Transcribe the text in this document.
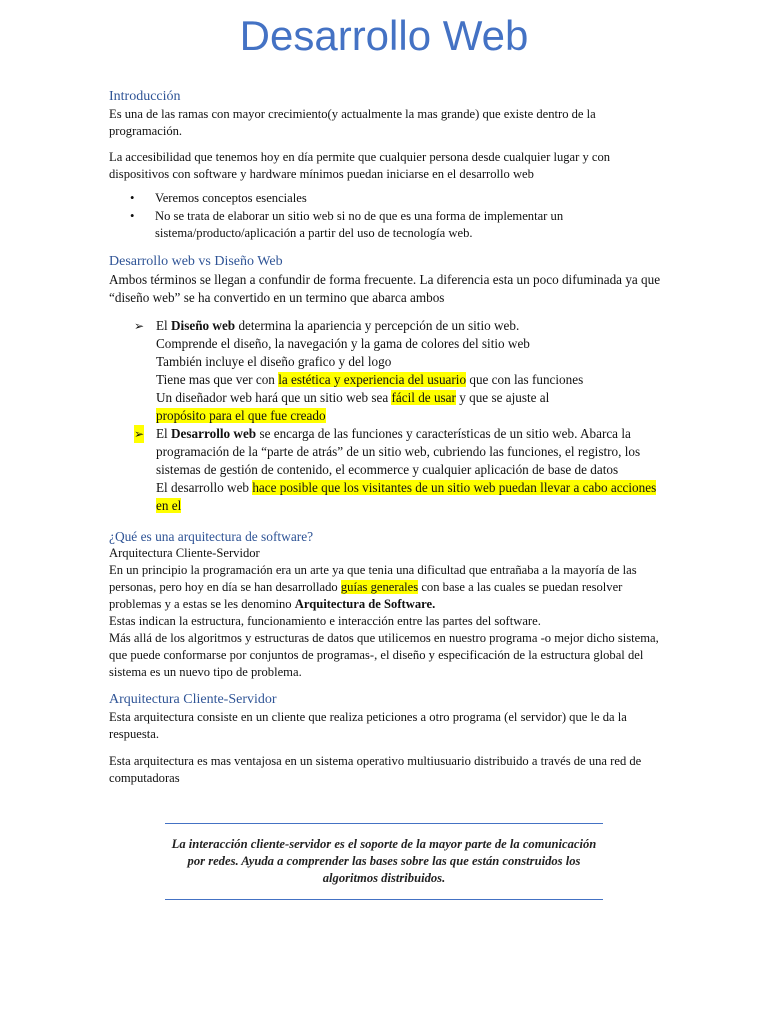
Desarrollo Web

Introducción

Es una de las ramas con mayor crecimiento(y actualmente la mas grande) que existe dentro de la programación.

La accesibilidad que tenemos hoy en día permite que cualquier persona desde cualquier lugar y con dispositivos con software y hardware mínimos puedan iniciarse en el desarrollo web

• Veremos conceptos esenciales
• No se trata de elaborar un sitio web si no de que es una forma de implementar un sistema/producto/aplicación a partir del uso de tecnología web.

Desarrollo web vs Diseño Web

Ambos términos se llegan a confundir de forma frecuente. La diferencia esta un poco difuminada ya que “diseño web” se ha convertido en un termino que abarca ambos

➢ El Diseño web determina la apariencia y percepción de un sitio web.
Comprende el diseño, la navegación y la gama de colores del sitio web
También incluye el diseño grafico y del logo
Tiene mas que ver con la estética y experiencia del usuario que con las funciones
Un diseñador web hará que un sitio web sea fácil de usar y que se ajuste al
propósito para el que fue creado
➢ El Desarrollo web se encarga de las funciones y características de un sitio web. Abarca la programación de la “parte de atrás” de un sitio web, cubriendo las funciones, el registro, los sistemas de gestión de contenido, el ecommerce y cualquier aplicación de base de datos
El desarrollo web hace posible que los visitantes de un sitio web puedan llevar a cabo acciones en el

¿Qué es una arquitectura de software?

Arquitectura Cliente-Servidor

En un principio la programación era un arte ya que tenia una dificultad que entrañaba a la mayoría de las personas, pero hoy en día se han desarrollado guías generales con base a las cuales se puedan resolver problemas y a estas se les denomino Arquitectura de Software.

Estas indican la estructura, funcionamiento e interacción entre las partes del software.

Más allá de los algoritmos y estructuras de datos que utilicemos en nuestro programa -o mejor dicho sistema, que puede conformarse por conjuntos de programas-, el diseño y especificación de la estructura global del sistema es un nuevo tipo de problema.

Arquitectura Cliente-Servidor

Esta arquitectura consiste en un cliente que realiza peticiones a otro programa (el servidor) que le da la respuesta.

Esta arquitectura es mas ventajosa en un sistema operativo multiusuario distribuido a través de una red de computadoras

La interacción cliente-servidor es el soporte de la mayor parte de la comunicación por redes. Ayuda a comprender las bases sobre las que están construidos los algoritmos distribuidos.
